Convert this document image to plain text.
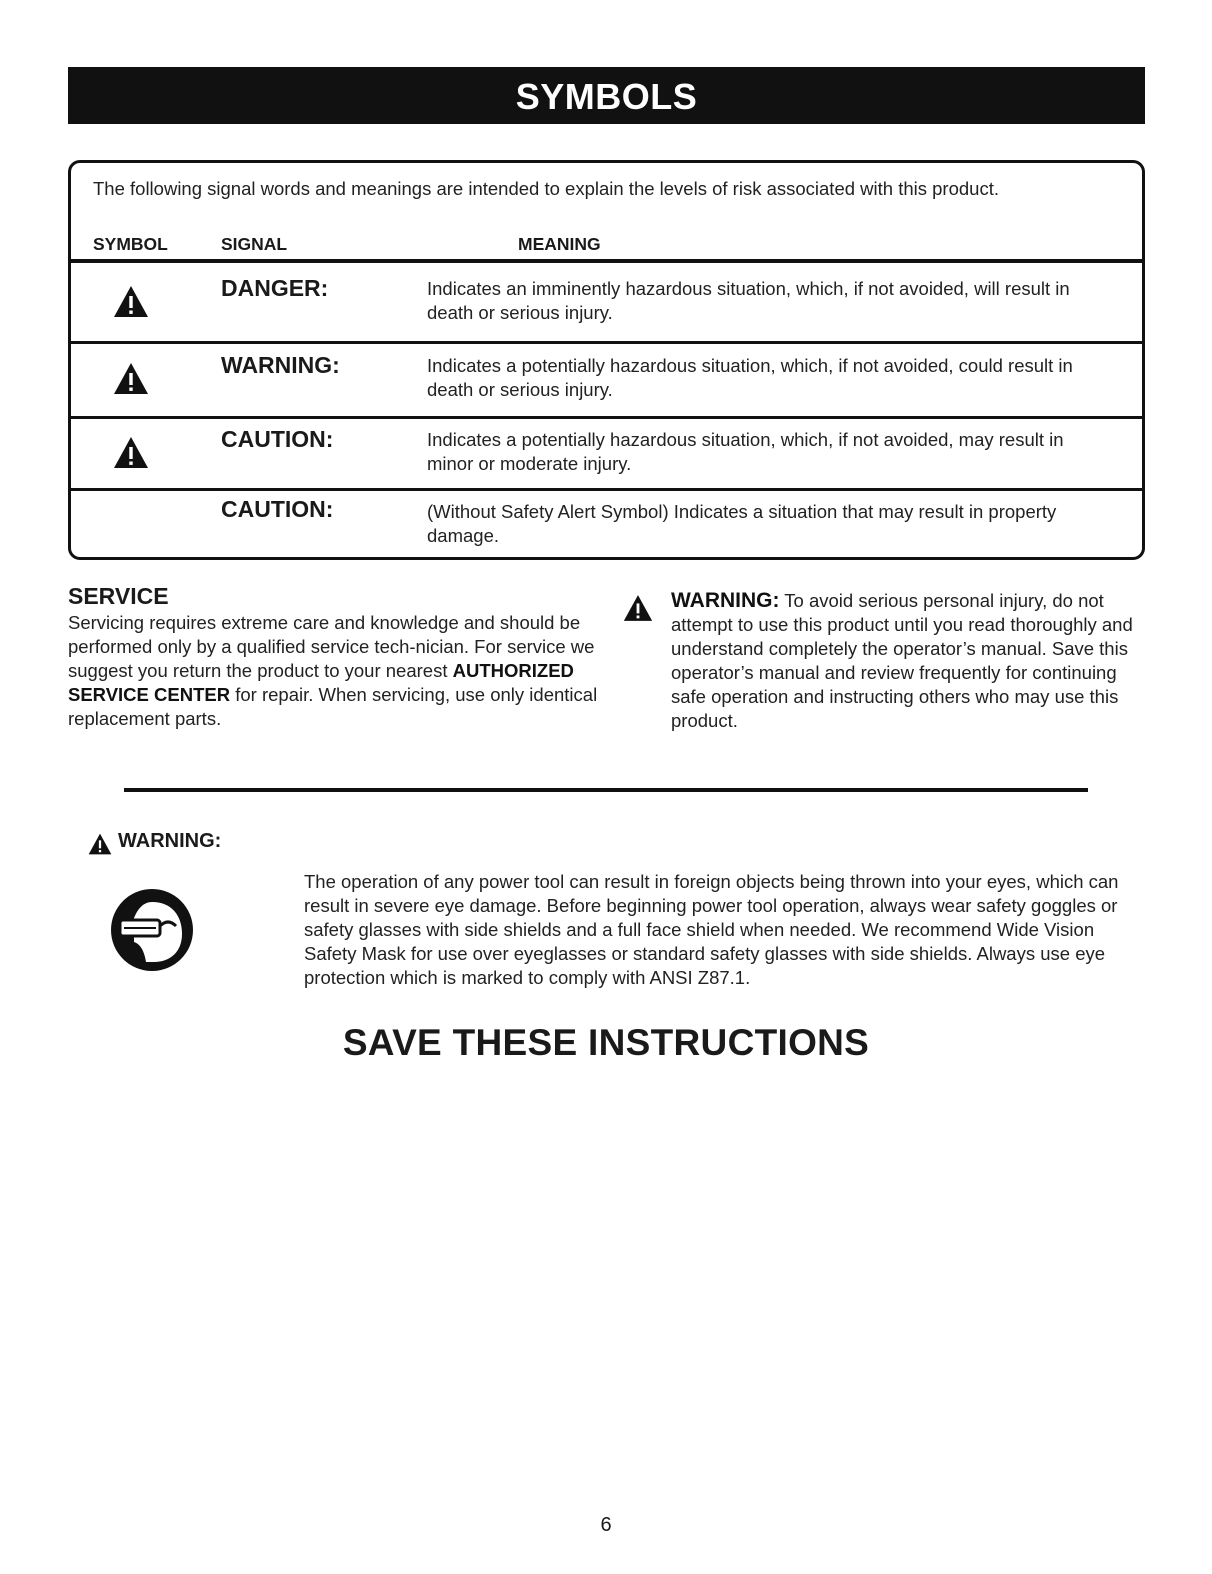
SYMBOLS
The following signal words and meanings are intended to explain the levels of risk associated with this product.
SYMBOL	SIGNAL	MEANING
DANGER:	Indicates an imminently hazardous situation, which, if not avoided, will result in death or serious injury.
WARNING:	Indicates a potentially hazardous situation, which, if not avoided, could result in death or serious injury.
CAUTION:	Indicates a potentially hazardous situation, which, if not avoided, may result in minor or moderate injury.
CAUTION:	(Without Safety Alert Symbol) Indicates a situation that may result in property damage.
SERVICE
Servicing requires extreme care and knowledge and should be performed only by a qualified service tech-nician. For service we suggest you return the product to your nearest AUTHORIZED SERVICE CENTER for repair. When servicing, use only identical replacement parts.
WARNING: To avoid serious personal injury, do not attempt to use this product until you read thoroughly and understand completely the operator’s manual. Save this operator’s manual and review frequently for continuing safe operation and instructing others who may use this product.
WARNING:
The operation of any power tool can result in foreign objects being thrown into your eyes, which can result in severe eye damage. Before beginning power tool operation, always wear safety goggles or safety glasses with side shields and a full face shield when needed. We recommend Wide Vision Safety Mask for use over eyeglasses or standard safety glasses with side shields. Always use eye protection which is marked to comply with ANSI Z87.1.
SAVE THESE INSTRUCTIONS
6
